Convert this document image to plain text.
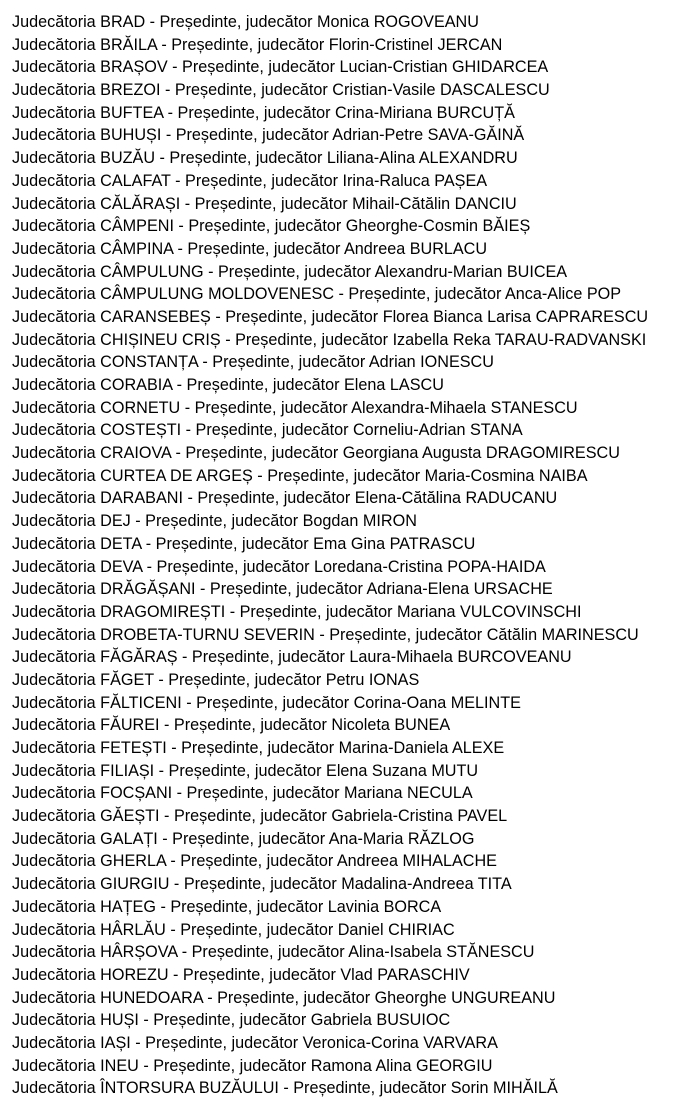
Judecătoria BRAD - Președinte, judecător Monica ROGOVEANU
Judecătoria BRĂILA - Președinte, judecător Florin-Cristinel JERCAN
Judecătoria BRAȘOV - Președinte, judecător Lucian-Cristian GHIDARCEA
Judecătoria BREZOI - Președinte, judecător Cristian-Vasile DASCALESCU
Judecătoria BUFTEA - Președinte, judecător Crina-Miriana BURCUȚĂ
Judecătoria BUHUȘI - Președinte, judecător Adrian-Petre SAVA-GĂINĂ
Judecătoria BUZĂU - Președinte, judecător Liliana-Alina ALEXANDRU
Judecătoria CALAFAT - Președinte, judecător Irina-Raluca PAȘEA
Judecătoria CĂLĂRAȘI - Președinte, judecător Mihail-Cătălin DANCIU
Judecătoria CÂMPENI - Președinte, judecător Gheorghe-Cosmin BĂIEȘ
Judecătoria CÂMPINA - Președinte, judecător Andreea BURLACU
Judecătoria CÂMPULUNG - Președinte, judecător Alexandru-Marian BUICEA
Judecătoria CÂMPULUNG MOLDOVENESC - Președinte, judecător Anca-Alice POP
Judecătoria CARANSEBEȘ - Președinte, judecător Florea Bianca Larisa CAPRARESCU
Judecătoria CHIȘINEU CRIȘ - Președinte, judecător Izabella Reka TARAU-RADVANSKI
Judecătoria CONSTANȚA - Președinte, judecător Adrian IONESCU
Judecătoria CORABIA - Președinte, judecător Elena LASCU
Judecătoria CORNETU - Președinte, judecător Alexandra-Mihaela STANESCU
Judecătoria COSTEȘTI - Președinte, judecător Corneliu-Adrian STANA
Judecătoria CRAIOVA - Președinte, judecător Georgiana Augusta DRAGOMIRESCU
Judecătoria CURTEA DE ARGEȘ - Președinte, judecător Maria-Cosmina NAIBA
Judecătoria DARABANI - Președinte, judecător Elena-Cătălina RADUCANU
Judecătoria DEJ - Președinte, judecător Bogdan MIRON
Judecătoria DETA - Președinte, judecător Ema Gina PATRASCU
Judecătoria DEVA - Președinte, judecător Loredana-Cristina POPA-HAIDA
Judecătoria DRĂGĂȘANI - Președinte, judecător Adriana-Elena URSACHE
Judecătoria DRAGOMIREȘTI - Președinte, judecător Mariana VULCOVINSCHI
Judecătoria DROBETA-TURNU SEVERIN - Președinte, judecător Cătălin MARINESCU
Judecătoria FĂGĂRAȘ - Președinte, judecător Laura-Mihaela BURCOVEANU
Judecătoria FĂGET - Președinte, judecător Petru IONAS
Judecătoria FĂLTICENI - Președinte, judecător Corina-Oana MELINTE
Judecătoria FĂUREI - Președinte, judecător Nicoleta BUNEA
Judecătoria FETEȘTI - Președinte, judecător Marina-Daniela ALEXE
Judecătoria FILIAȘI - Președinte, judecător Elena Suzana MUTU
Judecătoria FOCȘANI - Președinte, judecător Mariana NECULA
Judecătoria GĂEȘTI - Președinte, judecător Gabriela-Cristina PAVEL
Judecătoria GALAȚI - Președinte, judecător Ana-Maria RĂZLOG
Judecătoria GHERLA - Președinte, judecător Andreea MIHALACHE
Judecătoria GIURGIU - Președinte, judecător Madalina-Andreea TITA
Judecătoria HAȚEG - Președinte, judecător Lavinia BORCA
Judecătoria HÂRLĂU - Președinte, judecător Daniel CHIRIAC
Judecătoria HÂRȘOVA - Președinte, judecător Alina-Isabela STĂNESCU
Judecătoria HOREZU - Președinte, judecător Vlad PARASCHIV
Judecătoria HUNEDOARA - Președinte, judecător Gheorghe UNGUREANU
Judecătoria HUȘI - Președinte, judecător Gabriela BUSUIOC
Judecătoria IAȘI - Președinte, judecător Veronica-Corina VARVARA
Judecătoria INEU - Președinte, judecător Ramona Alina GEORGIU
Judecătoria ÎNTORSURA BUZĂULUI - Președinte, judecător Sorin MIHĂILĂ
